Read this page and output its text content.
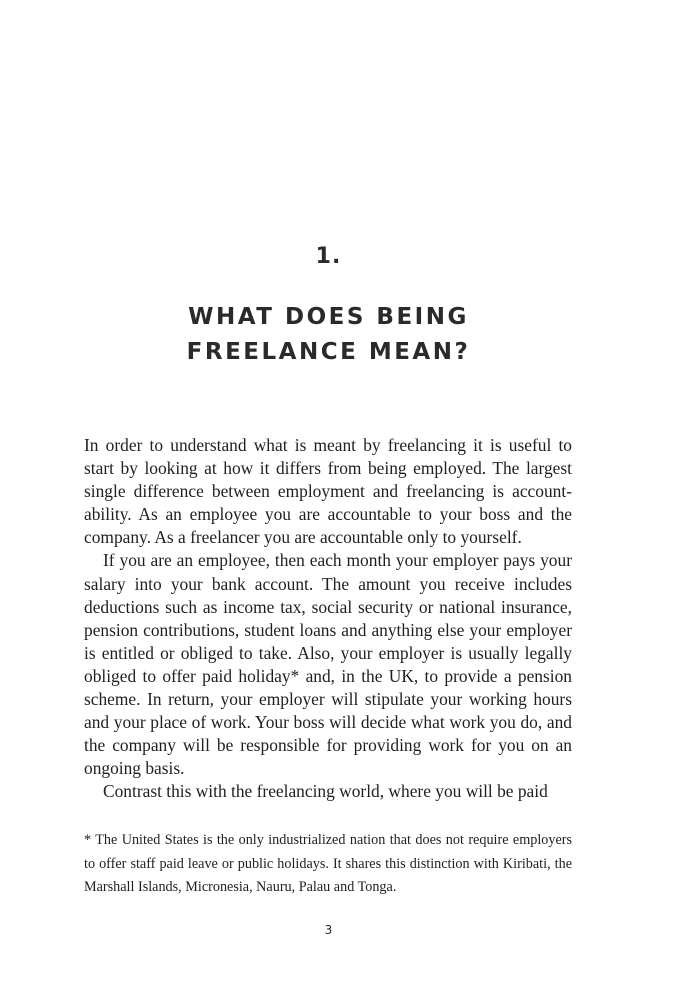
1.
WHAT DOES BEING
FREELANCE MEAN?

In order to understand what is meant by freelancing it is useful to start by looking at how it differs from being employed. The largest single difference between employment and freelancing is accountability. As an employee you are accountable to your boss and the company. As a freelancer you are accountable only to yourself.

If you are an employee, then each month your employer pays your salary into your bank account. The amount you receive includes deductions such as income tax, social security or national insurance, pension contributions, student loans and anything else your employer is entitled or obliged to take. Also, your employer is usually legally obliged to offer paid holiday* and, in the UK, to provide a pension scheme. In return, your employer will stipulate your working hours and your place of work. Your boss will decide what work you do, and the company will be responsible for providing work for you on an ongoing basis.

Contrast this with the freelancing world, where you will be paid

* The United States is the only industrialized nation that does not require employers to offer staff paid leave or public holidays. It shares this distinction with Kiribati, the Marshall Islands, Micronesia, Nauru, Palau and Tonga.
3
